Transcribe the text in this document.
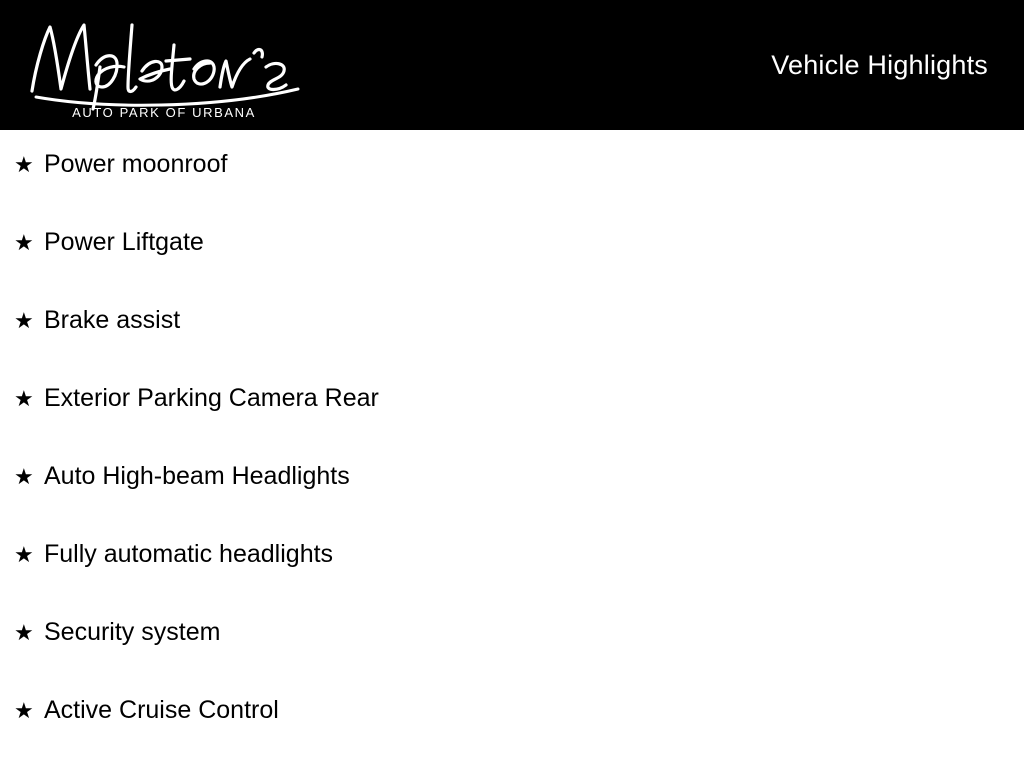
AUTO PARK OF URBANA
Vehicle Highlights
★ Power moonroof
★ Power Liftgate
★ Brake assist
★ Exterior Parking Camera Rear
★ Auto High-beam Headlights
★ Fully automatic headlights
★ Security system
★ Active Cruise Control
